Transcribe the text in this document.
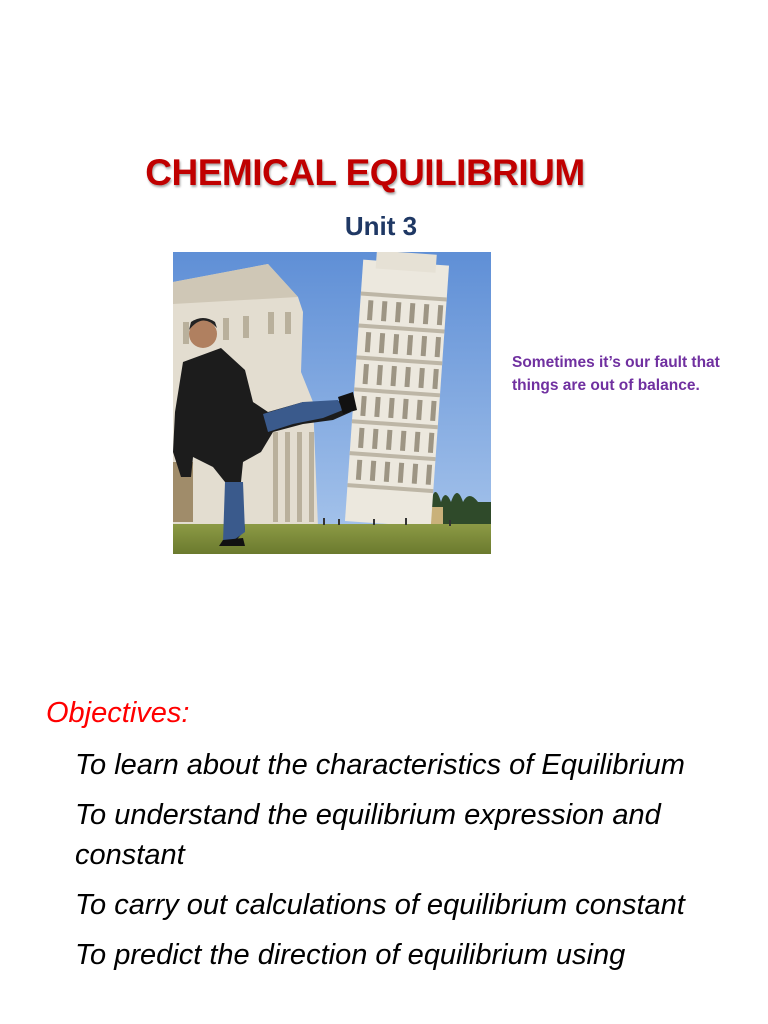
CHEMICAL EQUILIBRIUM
Unit 3
Sometimes it’s our fault that things are out of balance.
Objectives:
To learn about the characteristics of Equilibrium
To understand the equilibrium expression and constant
To carry out calculations of equilibrium constant
To predict the direction of equilibrium using
